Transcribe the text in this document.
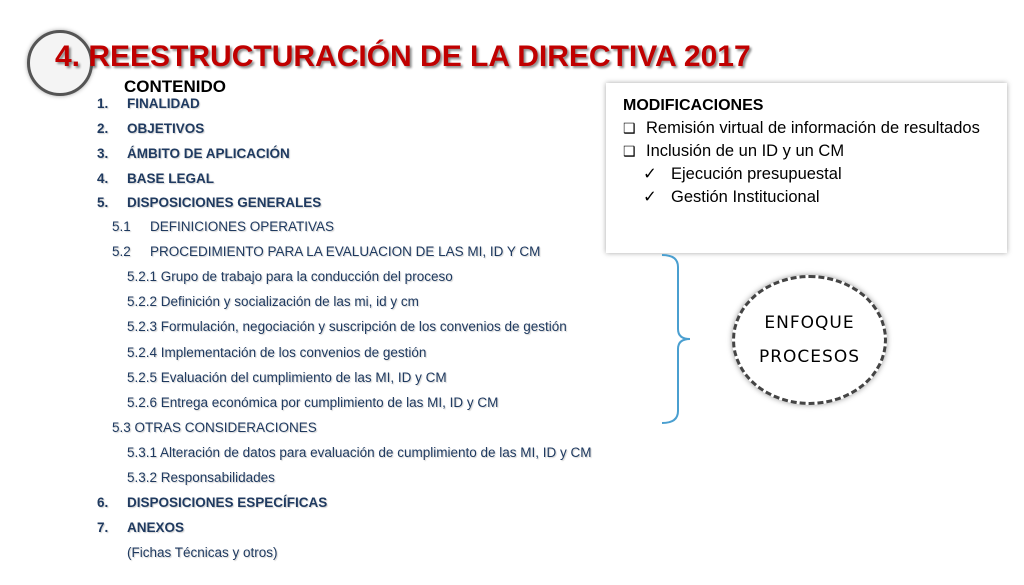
4. REESTRUCTURACIÓN DE LA DIRECTIVA 2017
CONTENIDO
1. FINALIDAD
2. OBJETIVOS
3. ÁMBITO DE APLICACIÓN
4. BASE LEGAL
5. DISPOSICIONES GENERALES
5.1 DEFINICIONES OPERATIVAS
5.2 PROCEDIMIENTO PARA LA EVALUACION DE LAS MI, ID Y CM
5.2.1 Grupo de trabajo para la conducción del proceso
5.2.2 Definición y socialización de las mi, id y cm
5.2.3 Formulación, negociación y suscripción de los convenios de gestión
5.2.4 Implementación de los convenios de gestión
5.2.5 Evaluación del cumplimiento de las MI, ID y CM
5.2.6 Entrega económica por cumplimiento de las MI, ID y CM
5.3 OTRAS CONSIDERACIONES
5.3.1 Alteración de datos para evaluación de cumplimiento de las MI, ID y CM
5.3.2 Responsabilidades
6. DISPOSICIONES ESPECÍFICAS
7. ANEXOS
(Fichas Técnicas y otros)
MODIFICACIONES
❑ Remisión virtual de información de resultados
❑ Inclusión de un ID y un CM
✓ Ejecución presupuestal
✓ Gestión Institucional
ENFOQUE
PROCESOS
